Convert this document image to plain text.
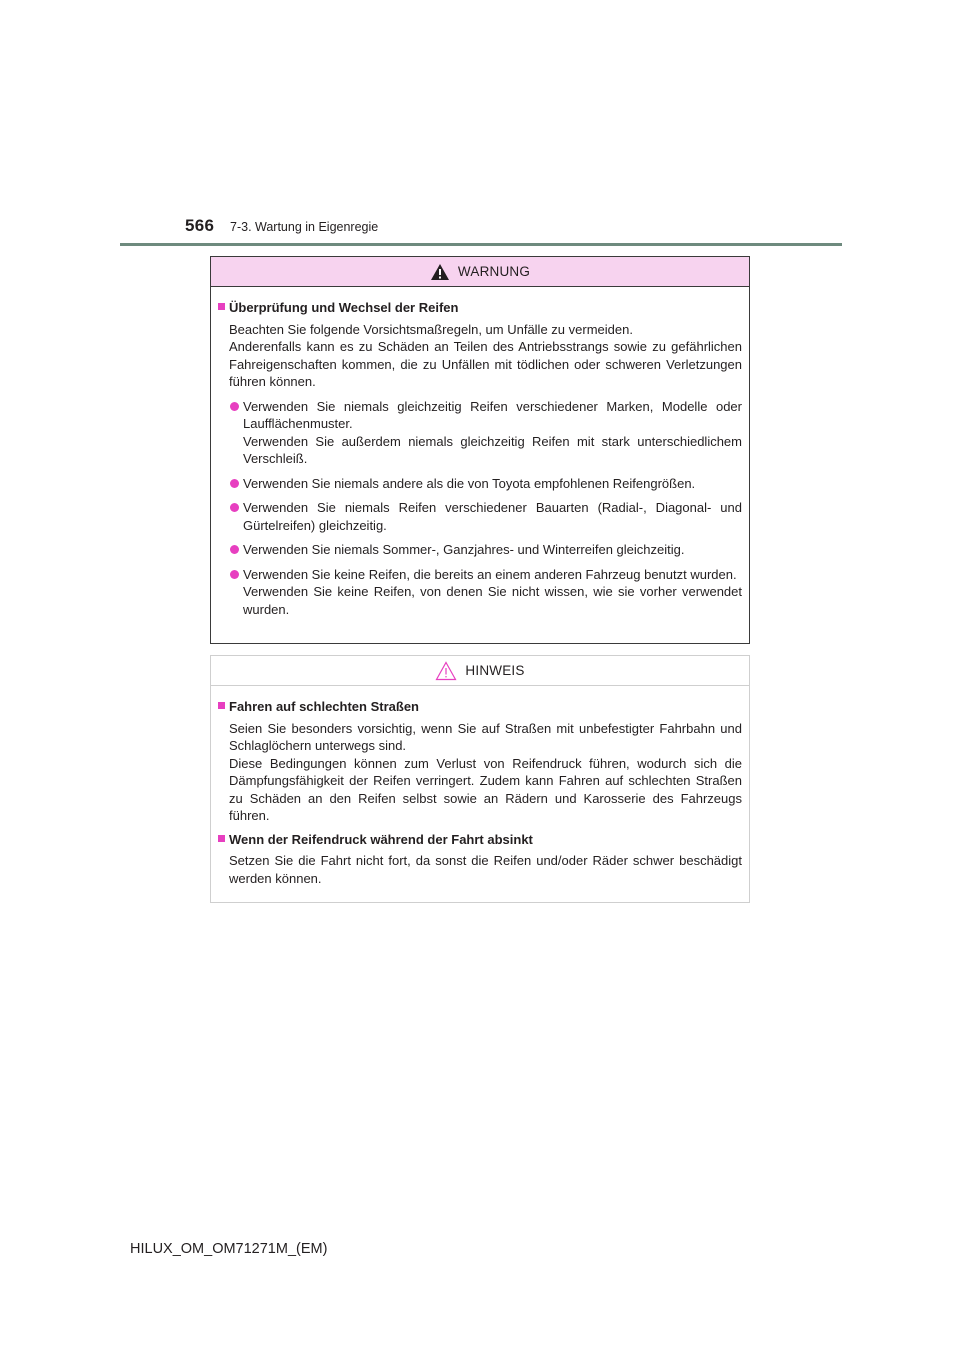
566 7-3. Wartung in Eigenregie
WARNUNG
Überprüfung und Wechsel der Reifen
Beachten Sie folgende Vorsichtsmaßregeln, um Unfälle zu vermeiden.
Anderenfalls kann es zu Schäden an Teilen des Antriebsstrangs sowie zu gefährlichen Fahreigenschaften kommen, die zu Unfällen mit tödlichen oder schweren Verletzungen führen können.
Verwenden Sie niemals gleichzeitig Reifen verschiedener Marken, Modelle oder Laufflächenmuster.
Verwenden Sie außerdem niemals gleichzeitig Reifen mit stark unterschiedlichem Verschleiß.
Verwenden Sie niemals andere als die von Toyota empfohlenen Reifengrößen.
Verwenden Sie niemals Reifen verschiedener Bauarten (Radial-, Diagonal- und Gürtelreifen) gleichzeitig.
Verwenden Sie niemals Sommer-, Ganzjahres- und Winterreifen gleichzeitig.
Verwenden Sie keine Reifen, die bereits an einem anderen Fahrzeug benutzt wurden.
Verwenden Sie keine Reifen, von denen Sie nicht wissen, wie sie vorher verwendet wurden.
HINWEIS
Fahren auf schlechten Straßen
Seien Sie besonders vorsichtig, wenn Sie auf Straßen mit unbefestigter Fahrbahn und Schlaglöchern unterwegs sind.
Diese Bedingungen können zum Verlust von Reifendruck führen, wodurch sich die Dämpfungsfähigkeit der Reifen verringert. Zudem kann Fahren auf schlechten Straßen zu Schäden an den Reifen selbst sowie an Rädern und Karosserie des Fahrzeugs führen.
Wenn der Reifendruck während der Fahrt absinkt
Setzen Sie die Fahrt nicht fort, da sonst die Reifen und/oder Räder schwer beschädigt werden können.
HILUX_OM_OM71271M_(EM)
